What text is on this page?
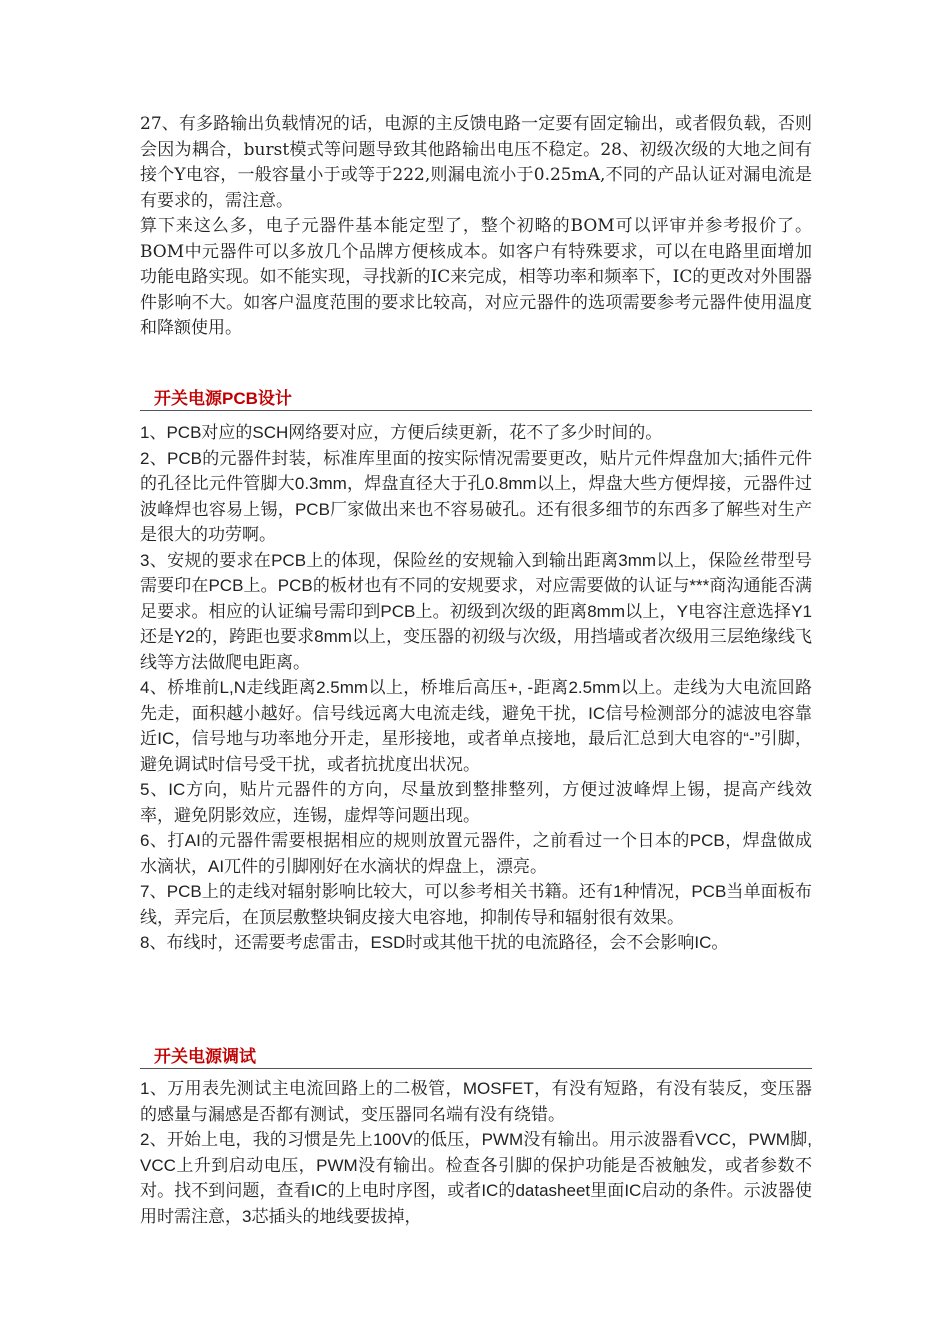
27、有多路输出负载情况的话，电源的主反馈电路一定要有固定输出，或者假负载，否则会因为耦合，burst模式等问题导致其他路输出电压不稳定。28、初级次级的大地之间有接个Y电容，一般容量小于或等于222,则漏电流小于0.25mA,不同的产品认证对漏电流是有要求的，需注意。

算下来这么多，电子元器件基本能定型了，整个初略的BOM可以评审并参考报价了。BOM中元器件可以多放几个品牌方便核成本。如客户有特殊要求，可以在电路里面增加功能电路实现。如不能实现，寻找新的IC来完成，相等功率和频率下，IC的更改对外围器件影响不大。如客户温度范围的要求比较高，对应元器件的选项需要参考元器件使用温度和降额使用。

开关电源PCB设计

1、PCB对应的SCH网络要对应，方便后续更新，花不了多少时间的。

2、PCB的元器件封装，标准库里面的按实际情况需要更改，贴片元件焊盘加大;插件元件的孔径比元件管脚大0.3mm，焊盘直径大于孔0.8mm以上，焊盘大些方便焊接，元器件过波峰焊也容易上锡，PCB厂家做出来也不容易破孔。还有很多细节的东西多了解些对生产是很大的功劳啊。

3、安规的要求在PCB上的体现，保险丝的安规输入到输出距离3mm以上，保险丝带型号需要印在PCB上。PCB的板材也有不同的安规要求，对应需要做的认证与***商沟通能否满足要求。相应的认证编号需印到PCB上。初级到次级的距离8mm以上，Y电容注意选择Y1还是Y2的，跨距也要求8mm以上，变压器的初级与次级，用挡墙或者次级用三层绝缘线飞线等方法做爬电距离。

4、桥堆前L,N走线距离2.5mm以上，桥堆后高压+, -距离2.5mm以上。走线为大电流回路先走，面积越小越好。信号线远离大电流走线，避免干扰，IC信号检测部分的滤波电容靠近IC，信号地与功率地分开走，星形接地，或者单点接地，最后汇总到大电容的“-”引脚，避免调试时信号受干扰，或者抗扰度出状况。

5、IC方向，贴片元器件的方向，尽量放到整排整列，方便过波峰焊上锡，提高产线效率，避免阴影效应，连锡，虚焊等问题出现。

6、打AI的元器件需要根据相应的规则放置元器件，之前看过一个日本的PCB，焊盘做成水滴状，AI兀件的引脚刚好在水滴状的焊盘上，漂亮。

7、PCB上的走线对辐射影响比较大，可以参考相关书籍。还有1种情况，PCB当单面板布线，弄完后，在顶层敷整块铜皮接大电容地，抑制传导和辐射很有效果。

8、布线时，还需要考虑雷击，ESD时或其他干扰的电流路径，会不会影响IC。

开关电源调试

1、万用表先测试主电流回路上的二极管，MOSFET，有没有短路，有没有装反，变压器的感量与漏感是否都有测试，变压器同名端有没有绕错。

2、开始上电，我的习惯是先上100V的低压，PWM没有输出。用示波器看VCC，PWM脚, VCC上升到启动电压，PWM没有输出。检查各引脚的保护功能是否被触发，或者参数不对。找不到问题，查看IC的上电时序图，或者IC的datasheet里面IC启动的条件。示波器使用时需注意，3芯插头的地线要拔掉，
